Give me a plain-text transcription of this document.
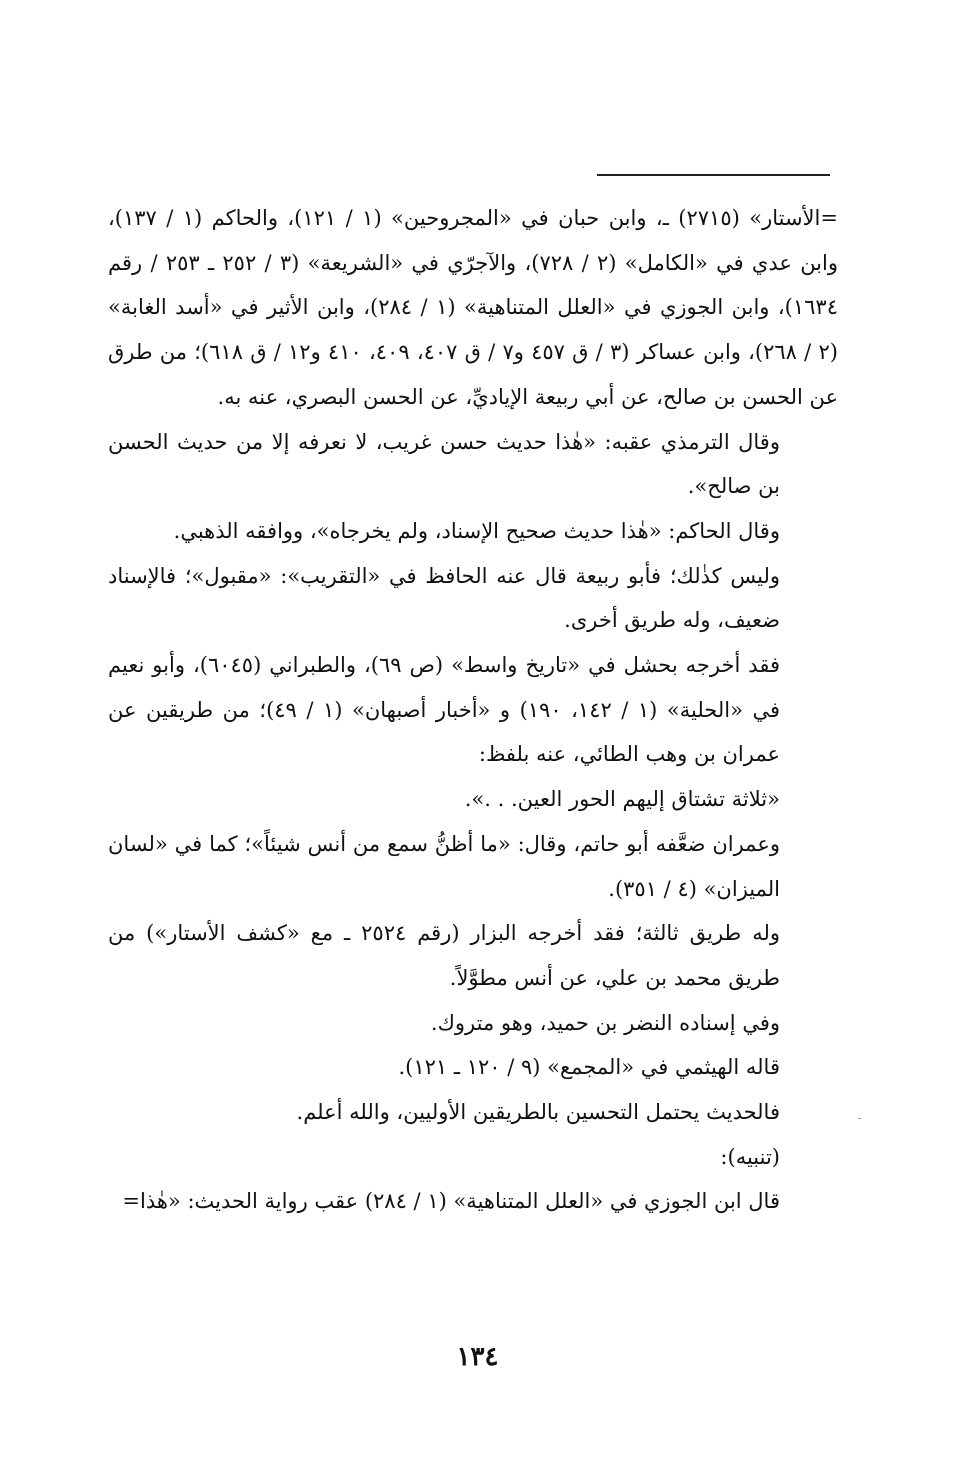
=الأستار» (٢٧١٥) ـ، وابن حبان في «المجروحين» (١ / ١٢١)، والحاكم (١ / ١٣٧)، وابن عدي في «الكامل» (٢ / ٧٢٨)، والآجرّي في «الشريعة» (٣ / ٢٥٢ ـ ٢٥٣ / رقم ١٦٣٤)، وابن الجوزي في «العلل المتناهية» (١ / ٢٨٤)، وابن الأثير في «أسد الغابة» (٢ / ٢٦٨)، وابن عساكر (٣ / ق ٤٥٧ و٧ / ق ٤٠٧، ٤٠٩، ٤١٠ و١٢ / ق ٦١٨)؛ من طرق عن الحسن بن صالح، عن أبي ربيعة الإياديِّ، عن الحسن البصري، عنه به.

وقال الترمذي عقبه: «هٰذا حديث حسن غريب، لا نعرفه إلا من حديث الحسن بن صالح».

وقال الحاكم: «هٰذا حديث صحيح الإسناد، ولم يخرجاه»، ووافقه الذهبي.

وليس كذٰلك؛ فأبو ربيعة قال عنه الحافظ في «التقريب»: «مقبول»؛ فالإسناد ضعيف، وله طريق أخرى.

فقد أخرجه بحشل في «تاريخ واسط» (ص ٦٩)، والطبراني (٦٠٤٥)، وأبو نعيم في «الحلية» (١ / ١٤٢، ١٩٠) و «أخبار أصبهان» (١ / ٤٩)؛ من طريقين عن عمران بن وهب الطائي، عنه بلفظ:

«ثلاثة تشتاق إليهم الحور العين. . .».

وعمران ضعَّفه أبو حاتم، وقال: «ما أظنُّ سمع من أنس شيئاً»؛ كما في «لسان الميزان» (٤ / ٣٥١).

وله طريق ثالثة؛ فقد أخرجه البزار (رقم ٢٥٢٤ ـ مع «كشف الأستار») من طريق محمد بن علي، عن أنس مطوَّلاً.

وفي إسناده النضر بن حميد، وهو متروك.

قاله الهيثمي في «المجمع» (٩ / ١٢٠ ـ ١٢١).

فالحديث يحتمل التحسين بالطريقين الأوليين، والله أعلم.

(تنبيه):

قال ابن الجوزي في «العلل المتناهية» (١ / ٢٨٤) عقب رواية الحديث: «هٰذا=

١٣٤
